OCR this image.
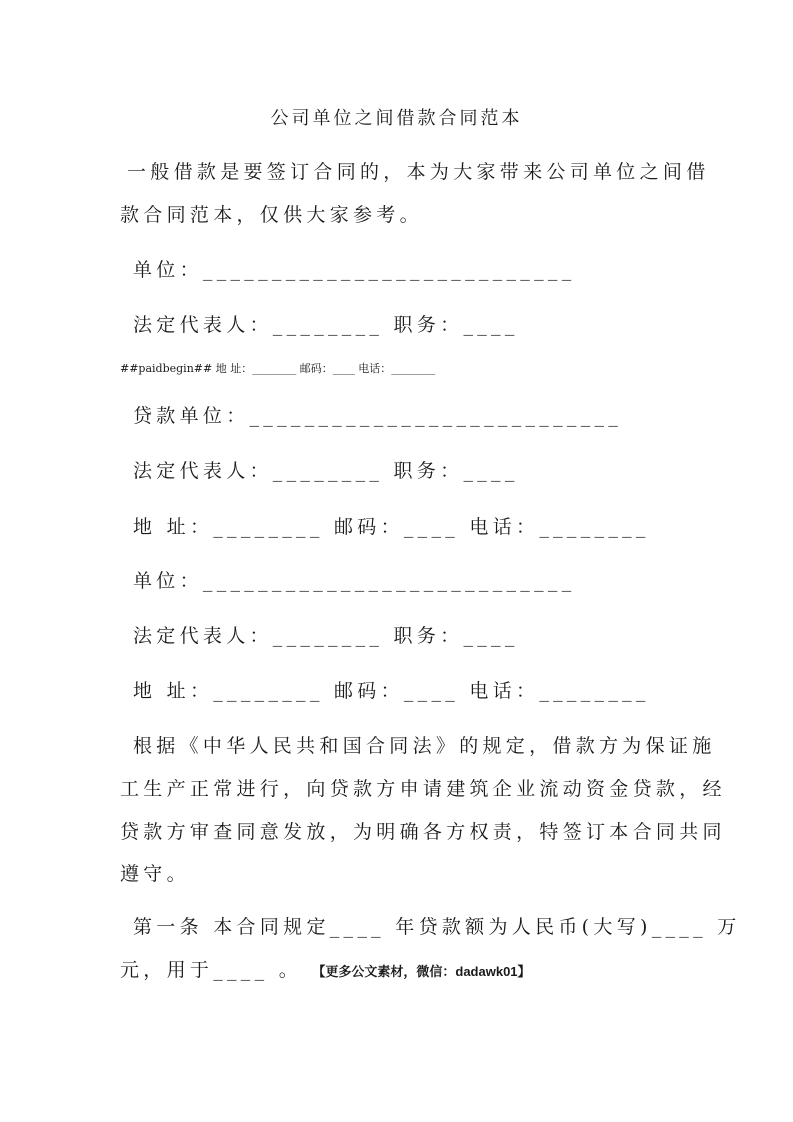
公司单位之间借款合同范本
一般借款是要签订合同的，本为大家带来公司单位之间借
款合同范本，仅供大家参考。
单位：___________________________
法定代表人：________ 职务：____
##paidbegin## 地 址：________ 邮码：____ 电话：________
贷款单位：___________________________
法定代表人：________ 职务：____
地 址：________ 邮码：____ 电话：________
单位：___________________________
法定代表人：________ 职务：____
地 址：________ 邮码：____ 电话：________
根据《中华人民共和国合同法》的规定，借款方为保证施
工生产正常进行，向贷款方申请建筑企业流动资金贷款，经
贷款方审查同意发放，为明确各方权责，特签订本合同共同
遵守。
第一条 本合同规定____ 年贷款额为人民币(大写)____ 万
元，用于____ 。 【更多公文素材，微信：dadawk01】
